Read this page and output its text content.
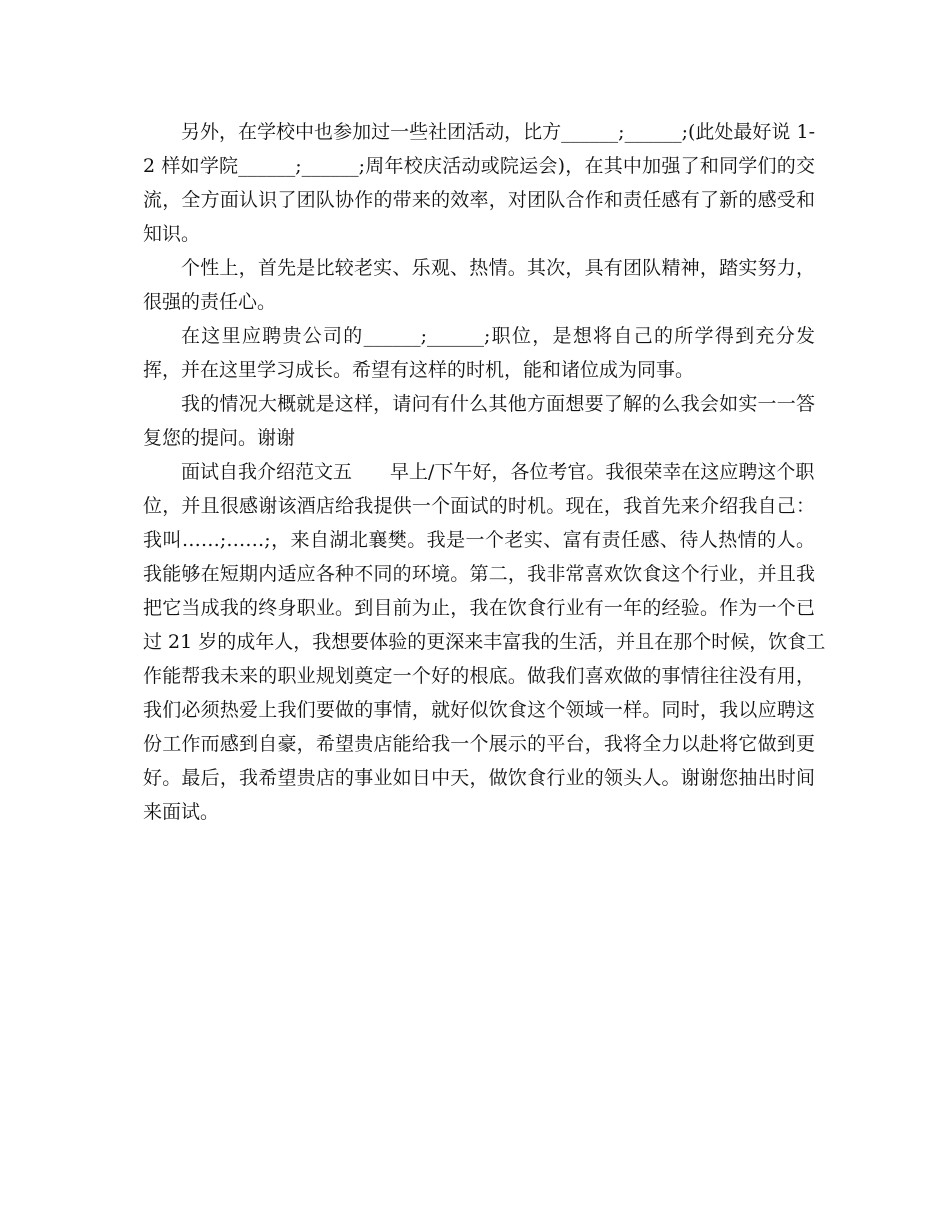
另外，在学校中也参加过一些社团活动，比方______;______;(此处最好说 1-
2 样如学院______;______;周年校庆活动或院运会)，在其中加强了和同学们的交
流，全方面认识了团队协作的带来的效率，对团队合作和责任感有了新的感受和
知识。
个性上，首先是比较老实、乐观、热情。其次，具有团队精神，踏实努力，
很强的责任心。
在这里应聘贵公司的______;______;职位，是想将自己的所学得到充分发
挥，并在这里学习成长。希望有这样的时机，能和诸位成为同事。
我的情况大概就是这样，请问有什么其他方面想要了解的么我会如实一一答
复您的提问。谢谢
面试自我介绍范文五 早上/下午好，各位考官。我很荣幸在这应聘这个职
位，并且很感谢该酒店给我提供一个面试的时机。现在，我首先来介绍我自己：
我叫……;……;，来自湖北襄樊。我是一个老实、富有责任感、待人热情的人。
我能够在短期内适应各种不同的环境。第二，我非常喜欢饮食这个行业，并且我
把它当成我的终身职业。到目前为止，我在饮食行业有一年的经验。作为一个已
过 21 岁的成年人，我想要体验的更深来丰富我的生活，并且在那个时候，饮食工
作能帮我未来的职业规划奠定一个好的根底。做我们喜欢做的事情往往没有用，
我们必须热爱上我们要做的事情，就好似饮食这个领域一样。同时，我以应聘这
份工作而感到自豪，希望贵店能给我一个展示的平台，我将全力以赴将它做到更
好。最后，我希望贵店的事业如日中天，做饮食行业的领头人。谢谢您抽出时间
来面试。
